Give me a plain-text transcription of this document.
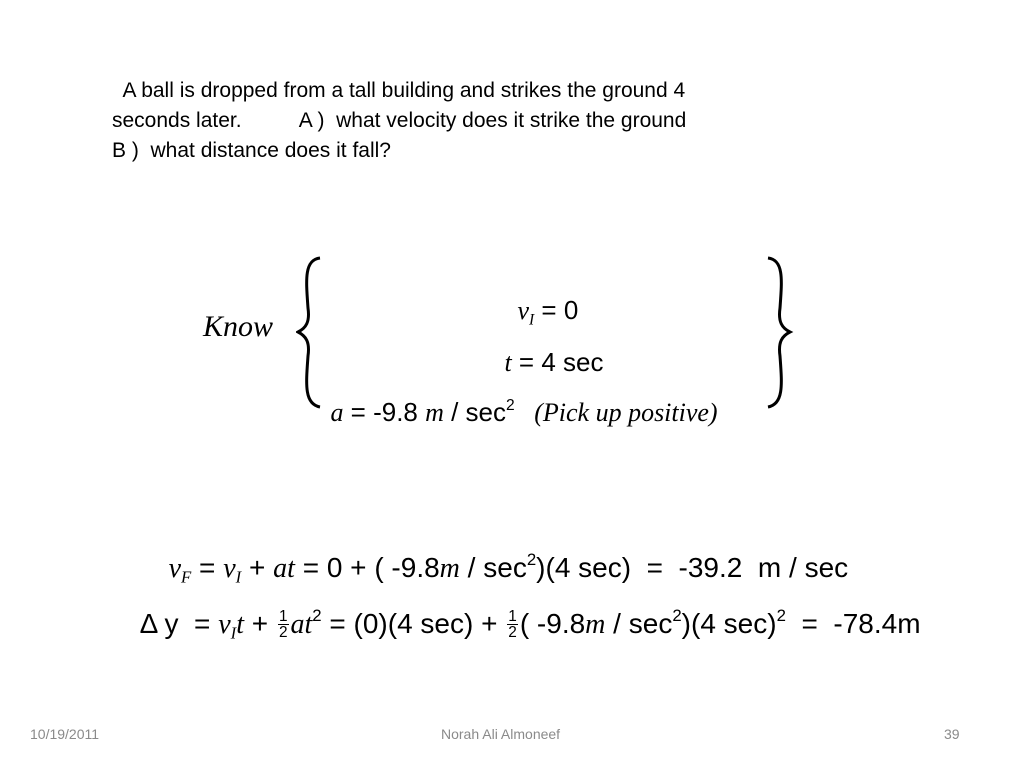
A ball is dropped from a tall building and strikes the ground 4
seconds later.          A )  what velocity does it strike the ground
B )  what distance does it fall?
Know	$v_I = 0$

t = 4 sec

a = -9.8 m / $\sec^2$   (Pick up positive)

$v_F = v_I$ + at = 0 + ( $-9.8m / \sec^2)(4$ sec)  =  -39.2  m / sec

Δ $y = v_It + \frac{1}{2} at^2 = (0)(4$ $\sec) + \frac{1}{2}$ ( $-9.8m / \sec^2)(4$ sec)$^2$  =  -78.4m

10/19/2011	Norah Ali Almoneef	39
